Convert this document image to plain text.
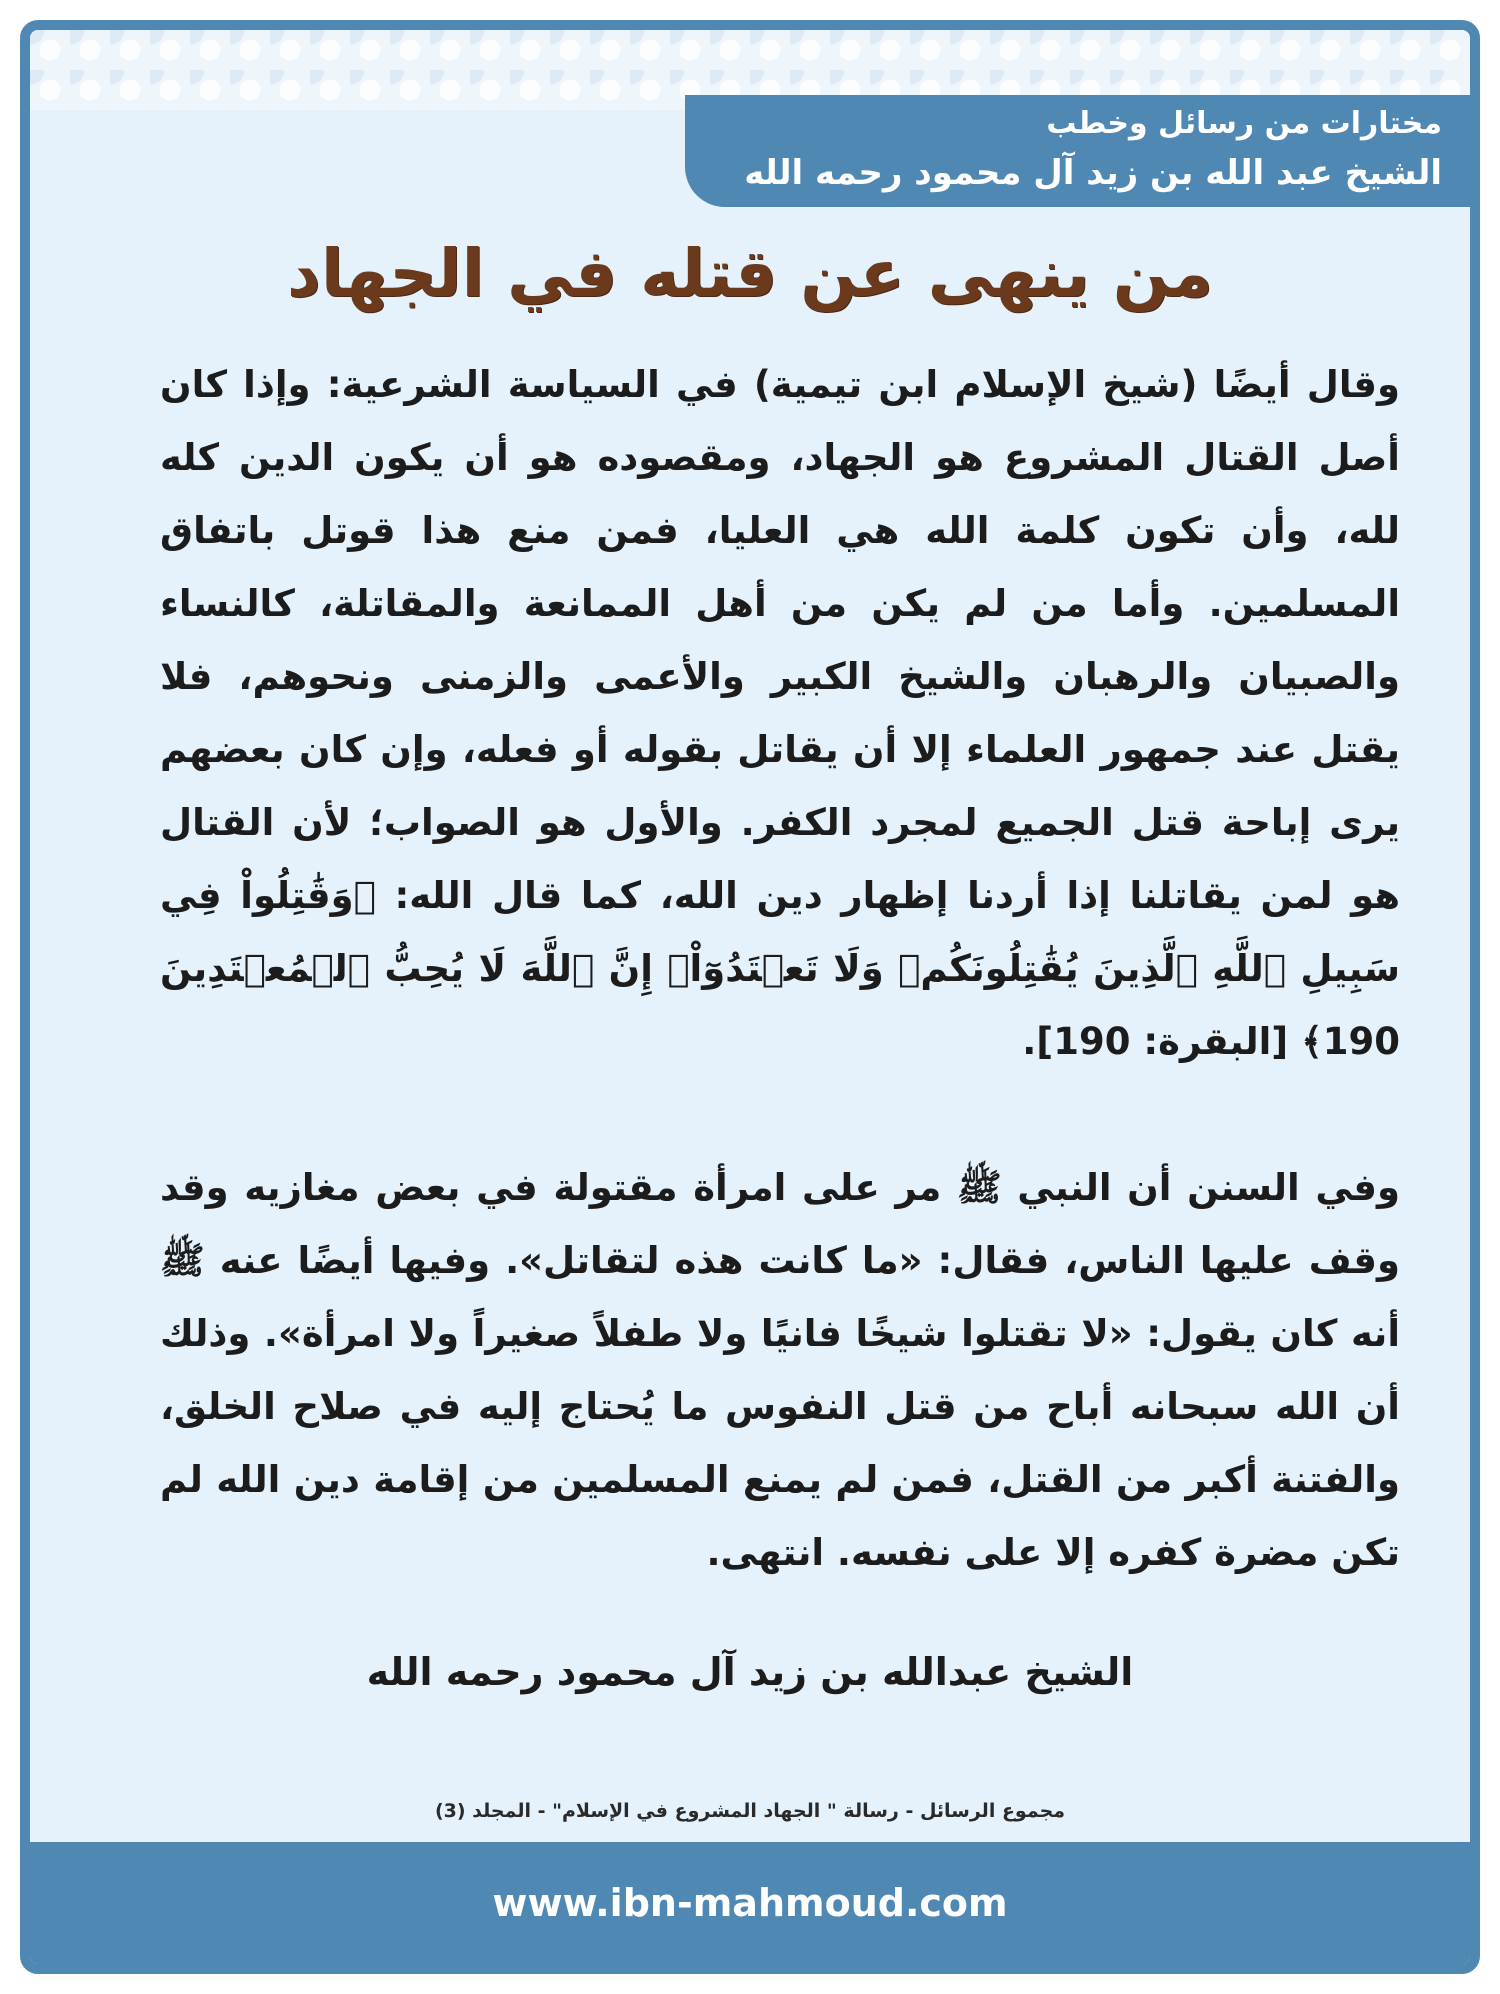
مختارات من رسائل وخطب
الشيخ عبد الله بن زيد آل محمود رحمه الله
من ينهى عن قتله في الجهاد

وقال أيضًا (شيخ الإسلام ابن تيمية) في السياسة الشرعية: وإذا كان أصل القتال المشروع هو الجهاد، ومقصوده هو أن يكون الدين كله لله، وأن تكون كلمة الله هي العليا، فمن منع هذا قوتل باتفاق المسلمين. وأما من لم يكن من أهل الممانعة والمقاتلة، كالنساء والصبيان والرهبان والشيخ الكبير والأعمى والزمنى ونحوهم، فلا يقتل عند جمهور العلماء إلا أن يقاتل بقوله أو فعله، وإن كان بعضهم يرى إباحة قتل الجميع لمجرد الكفر. والأول هو الصواب؛ لأن القتال هو لمن يقاتلنا إذا أردنا إظهار دين الله، كما قال الله: ﴿وَقَٰتِلُواْ فِي سَبِيلِ ٱللَّهِ ٱلَّذِينَ يُقَٰتِلُونَكُمۡ وَلَا تَعۡتَدُوٓاْۚ إِنَّ ٱللَّهَ لَا يُحِبُّ ٱلۡمُعۡتَدِينَ 190﴾ [البقرة: 190].

وفي السنن أن النبي ﷺ مر على امرأة مقتولة في بعض مغازيه وقد وقف عليها الناس، فقال: «ما كانت هذه لتقاتل». وفيها أيضًا عنه ﷺ أنه كان يقول: «لا تقتلوا شيخًا فانيًا ولا طفلاً صغيراً ولا امرأة». وذلك أن الله سبحانه أباح من قتل النفوس ما يُحتاج إليه في صلاح الخلق، والفتنة أكبر من القتل، فمن لم يمنع المسلمين من إقامة دين الله لم تكن مضرة كفره إلا على نفسه. انتهى.

الشيخ عبدالله بن زيد آل محمود رحمه الله
مجموع الرسائل - رسالة " الجهاد المشروع في الإسلام" - المجلد (3)
www.ibn-mahmoud.com
